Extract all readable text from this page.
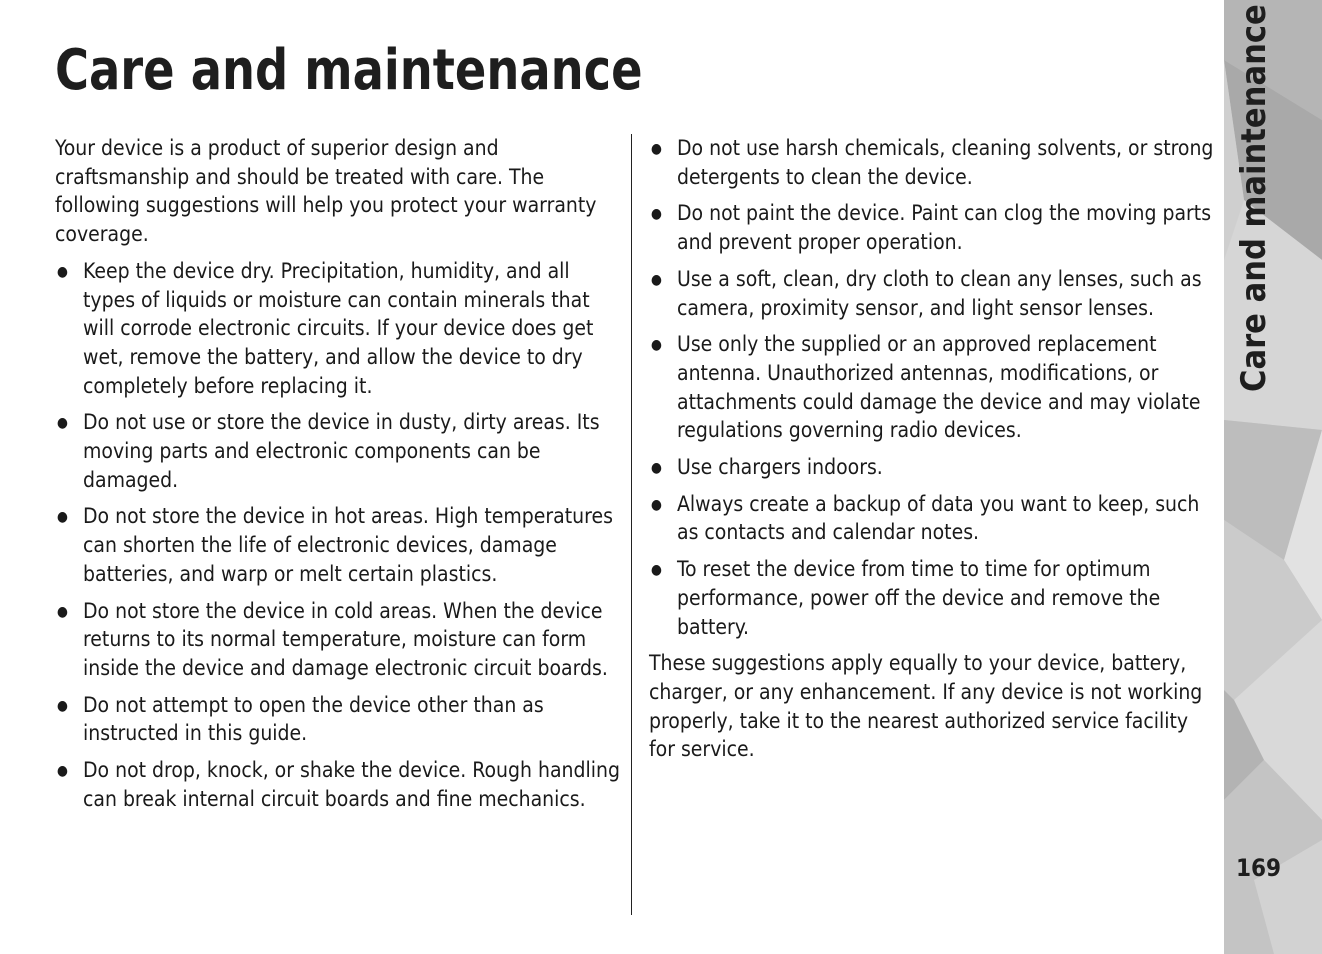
Care and maintenance

Your device is a product of superior design and craftsmanship and should be treated with care. The following suggestions will help you protect your warranty coverage.

● Keep the device dry. Precipitation, humidity, and all types of liquids or moisture can contain minerals that will corrode electronic circuits. If your device does get wet, remove the battery, and allow the device to dry completely before replacing it.
● Do not use or store the device in dusty, dirty areas. Its moving parts and electronic components can be damaged.
● Do not store the device in hot areas. High temperatures can shorten the life of electronic devices, damage batteries, and warp or melt certain plastics.
● Do not store the device in cold areas. When the device returns to its normal temperature, moisture can form inside the device and damage electronic circuit boards.
● Do not attempt to open the device other than as instructed in this guide.
● Do not drop, knock, or shake the device. Rough handling can break internal circuit boards and fine mechanics.
● Do not use harsh chemicals, cleaning solvents, or strong detergents to clean the device.
● Do not paint the device. Paint can clog the moving parts and prevent proper operation.
● Use a soft, clean, dry cloth to clean any lenses, such as camera, proximity sensor, and light sensor lenses.
● Use only the supplied or an approved replacement antenna. Unauthorized antennas, modifications, or attachments could damage the device and may violate regulations governing radio devices.
● Use chargers indoors.
● Always create a backup of data you want to keep, such as contacts and calendar notes.
● To reset the device from time to time for optimum performance, power off the device and remove the battery.

These suggestions apply equally to your device, battery, charger, or any enhancement. If any device is not working properly, take it to the nearest authorized service facility for service.

Care and maintenance
169
